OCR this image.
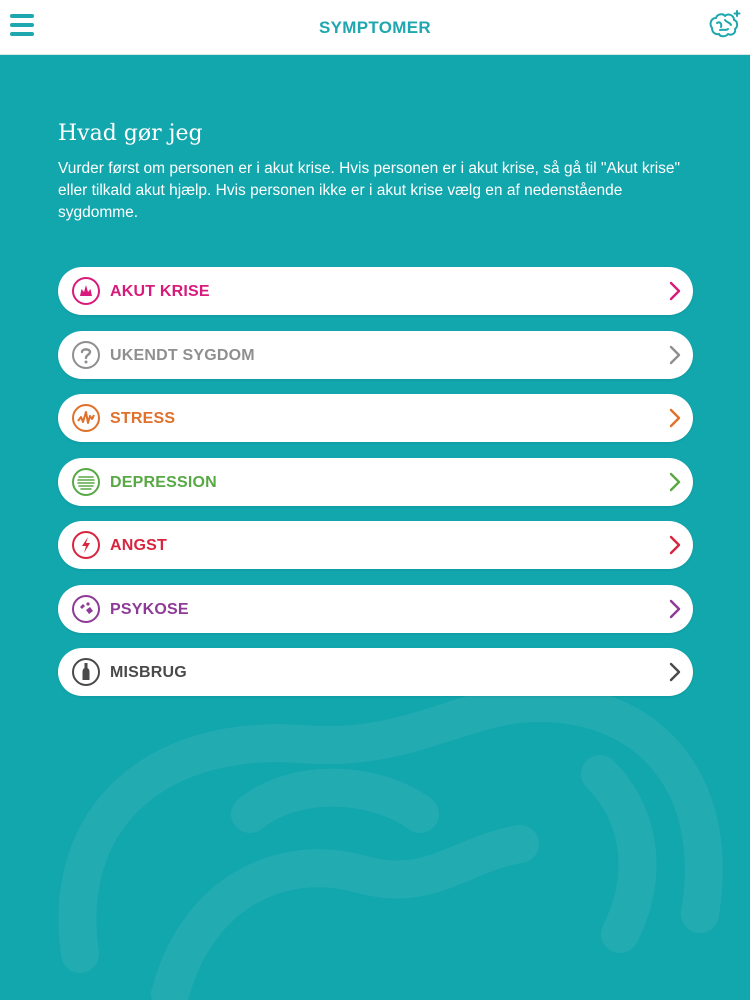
SYMPTOMER
Hvad gør jeg
Vurder først om personen er i akut krise. Hvis personen er i akut krise, så gå til "Akut krise" eller tilkald akut hjælp. Hvis personen ikke er i akut krise vælg en af nedenstående sygdomme.
AKUT KRISE
UKENDT SYGDOM
STRESS
DEPRESSION
ANGST
PSYKOSE
MISBRUG
